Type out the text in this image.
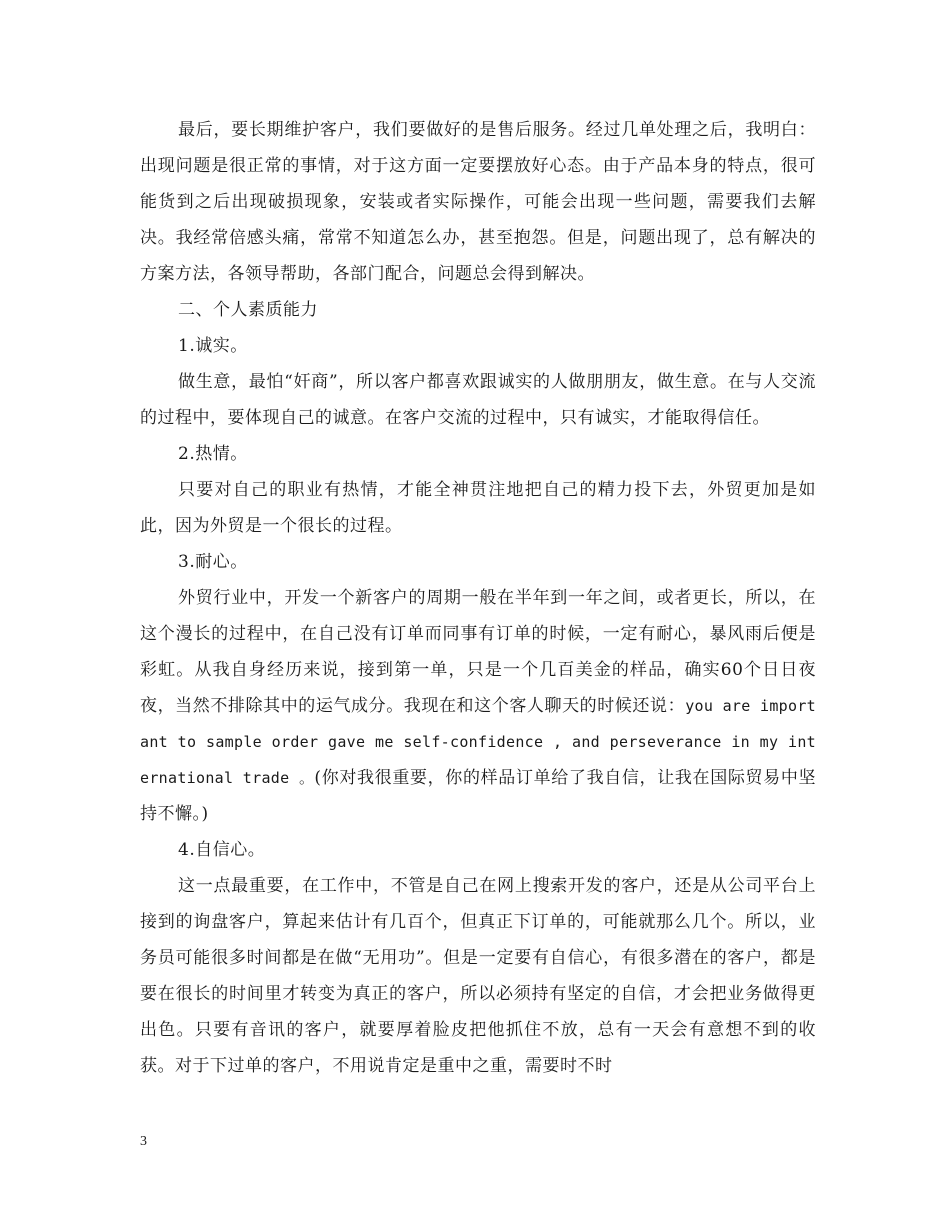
最后，要长期维护客户，我们要做好的是售后服务。经过几单处理之后，我明白：出现问题是很正常的事情，对于这方面一定要摆放好心态。由于产品本身的特点，很可能货到之后出现破损现象，安装或者实际操作，可能会出现一些问题，需要我们去解决。我经常倍感头痛，常常不知道怎么办，甚至抱怨。但是，问题出现了，总有解决的方案方法，各领导帮助，各部门配合，问题总会得到解决。

二、个人素质能力

1.诚实。

做生意，最怕“奸商”，所以客户都喜欢跟诚实的人做朋朋友，做生意。在与人交流的过程中，要体现自己的诚意。在客户交流的过程中，只有诚实，才能取得信任。

2.热情。

只要对自己的职业有热情，才能全神贯注地把自己的精力投下去，外贸更加是如此，因为外贸是一个很长的过程。

3.耐心。

外贸行业中，开发一个新客户的周期一般在半年到一年之间，或者更长，所以，在这个漫长的过程中，在自己没有订单而同事有订单的时候，一定有耐心，暴风雨后便是彩虹。从我自身经历来说，接到第一单，只是一个几百美金的样品，确实60个日日夜夜，当然不排除其中的运气成分。我现在和这个客人聊天的时候还说：you are important to sample order gave me self-confidence , and perseverance in my international trade 。(你对我很重要，你的样品订单给了我自信，让我在国际贸易中坚持不懈。)

4.自信心。

这一点最重要，在工作中，不管是自己在网上搜索开发的客户，还是从公司平台上接到的询盘客户，算起来估计有几百个，但真正下订单的，可能就那么几个。所以，业务员可能很多时间都是在做“无用功”。但是一定要有自信心，有很多潜在的客户，都是要在很长的时间里才转变为真正的客户，所以必须持有坚定的自信，才会把业务做得更出色。只要有音讯的客户，就要厚着脸皮把他抓住不放，总有一天会有意想不到的收获。对于下过单的客户，不用说肯定是重中之重，需要时不时

3
